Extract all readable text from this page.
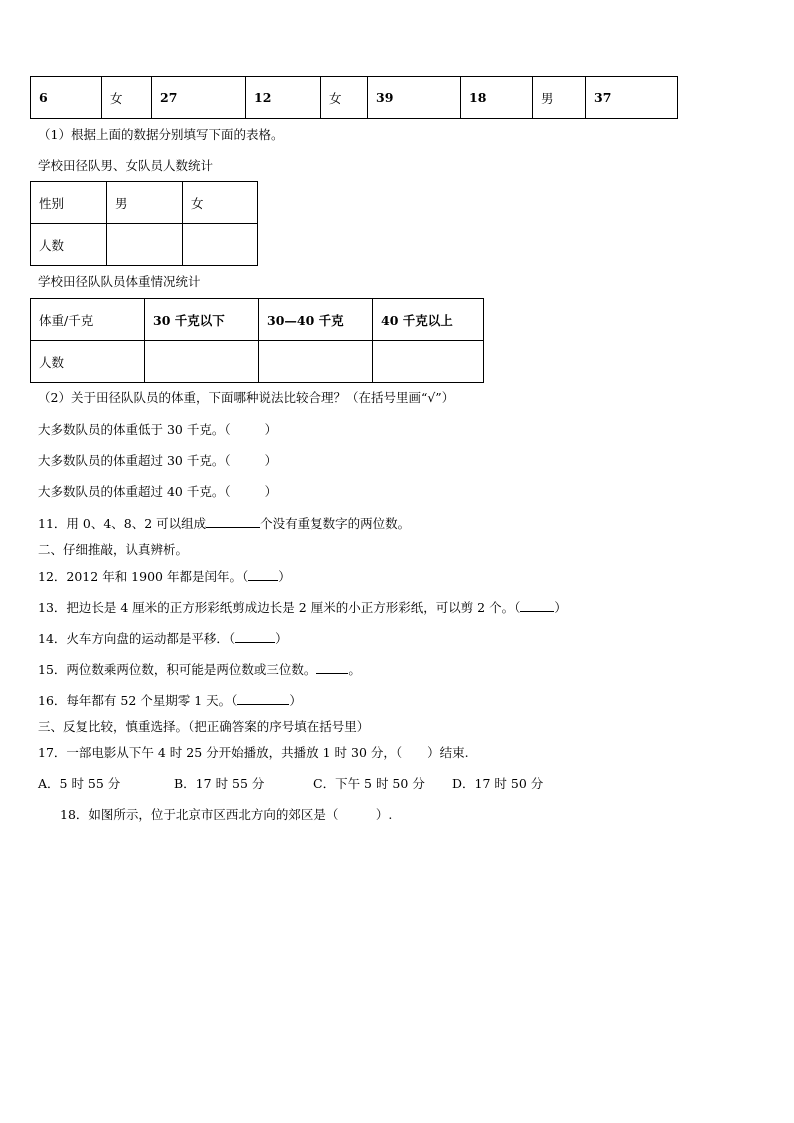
6	女	27	12	女	39	18	男	37
（1）根据上面的数据分别填写下面的表格。
学校田径队男、女队员人数统计
性别	男	女
人数		
学校田径队队员体重情况统计
体重/千克	30 千克以下	30—40 千克	40 千克以上
人数			
（2）关于田径队队员的体重，下面哪种说法比较合理？（在括号里画“√”）
大多数队员的体重低于 30 千克。（	）
大多数队员的体重超过 30 千克。（	）
大多数队员的体重超过 40 千克。（	）
11．用 0、4、8、2 可以组成	个没有重复数字的两位数。
二、仔细推敲，认真辨析。
12．2012 年和 1900 年都是闰年。（ ）
13．把边长是 4 厘米的正方形彩纸剪成边长是 2 厘米的小正方形彩纸，可以剪 2 个。（	）
14．火车方向盘的运动都是平移．（	）
15．两位数乘两位数，积可能是两位数或三位数。	。
16．每年都有 52 个星期零 1 天。（	）
三、反复比较，慎重选择。（把正确答案的序号填在括号里）
17．一部电影从下午 4 时 25 分开始播放，共播放 1 时 30 分，（　　）结束.
A．5 时 55 分	B．17 时 55 分	C．下午 5 时 50 分 D．17 时 50 分
18．如图所示，位于北京市区西北方向的郊区是（　　　）.
